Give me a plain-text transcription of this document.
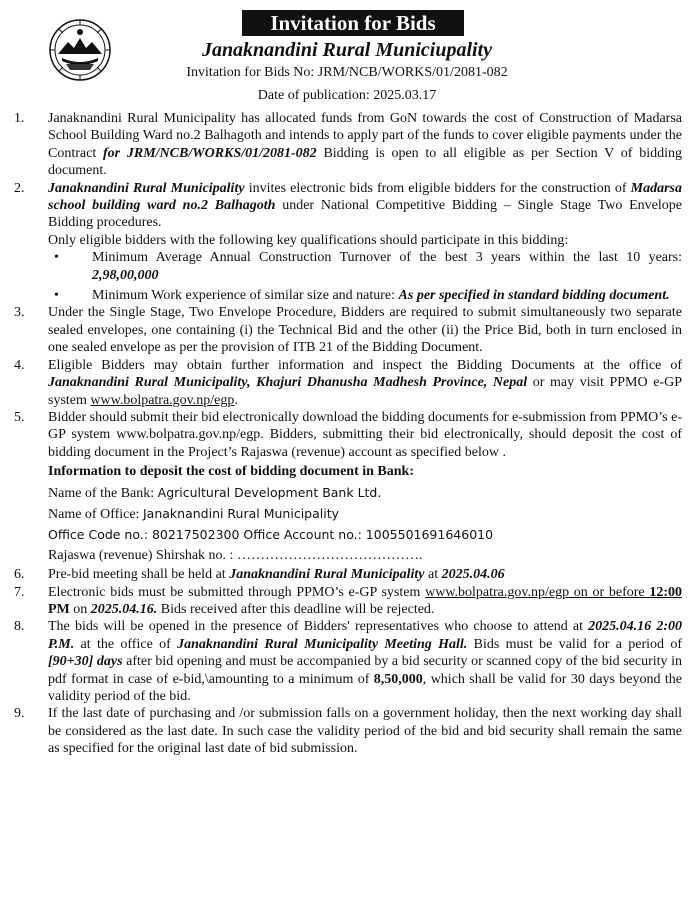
Invitation for Bids
Janaknandini Rural Municiupality
Invitation for Bids No: JRM/NCB/WORKS/01/2081-082
Date of publication: 2025.03.17
1. Janaknandini Rural Municipality has allocated funds from GoN towards the cost of Construction of Madarsa School Building Ward no.2 Balhagoth and intends to apply part of the funds to cover eligible payments under the Contract for JRM/NCB/WORKS/01/2081-082 Bidding is open to all eligible as per Section V of bidding document.
2. Janaknandini Rural Municipality invites electronic bids from eligible bidders for the construction of Madarsa school building ward no.2 Balhagoth under National Competitive Bidding – Single Stage Two Envelope Bidding procedures.
Only eligible bidders with the following key qualifications should participate in this bidding:
• Minimum Average Annual Construction Turnover of the best 3 years within the last 10 years: 2,98,00,000
• Minimum Work experience of similar size and nature: As per specified in standard bidding document.
3. Under the Single Stage, Two Envelope Procedure, Bidders are required to submit simultaneously two separate sealed envelopes, one containing (i) the Technical Bid and the other (ii) the Price Bid, both in turn enclosed in one sealed envelope as per the provision of ITB 21 of the Bidding Document.
4. Eligible Bidders may obtain further information and inspect the Bidding Documents at the office of Janaknandini Rural Municipality, Khajuri Dhanusha Madhesh Province, Nepal or may visit PPMO e-GP system www.bolpatra.gov.np/egp.
5. Bidder should submit their bid electronically download the bidding documents for e-submission from PPMO’s e-GP system www.bolpatra.gov.np/egp. Bidders, submitting their bid electronically, should deposit the cost of bidding document in the Project’s Rajaswa (revenue) account as specified below .
Information to deposit the cost of bidding document in Bank:
Name of the Bank: Agricultural Development Bank Ltd.
Name of Office: Janaknandini Rural Municipality
Office Code no.: 80217502300 Office Account no.: 1005501691646010
Rajaswa (revenue) Shirshak no. : ………………………………….
6. Pre-bid meeting shall be held at Janaknandini Rural Municipality at 2025.04.06
7. Electronic bids must be submitted through PPMO’s e-GP system www.bolpatra.gov.np/egp on or before 12:00 PM on 2025.04.16. Bids received after this deadline will be rejected.
8. The bids will be opened in the presence of Bidders' representatives who choose to attend at 2025.04.16 2:00 P.M. at the office of Janaknandini Rural Municipality Meeting Hall. Bids must be valid for a period of [90+30] days after bid opening and must be accompanied by a bid security or scanned copy of the bid security in pdf format in case of e-bid,\amounting to a minimum of 8,50,000, which shall be valid for 30 days beyond the validity period of the bid.
9. If the last date of purchasing and /or submission falls on a government holiday, then the next working day shall be considered as the last date. In such case the validity period of the bid and bid security shall remain the same as specified for the original last date of bid submission.
